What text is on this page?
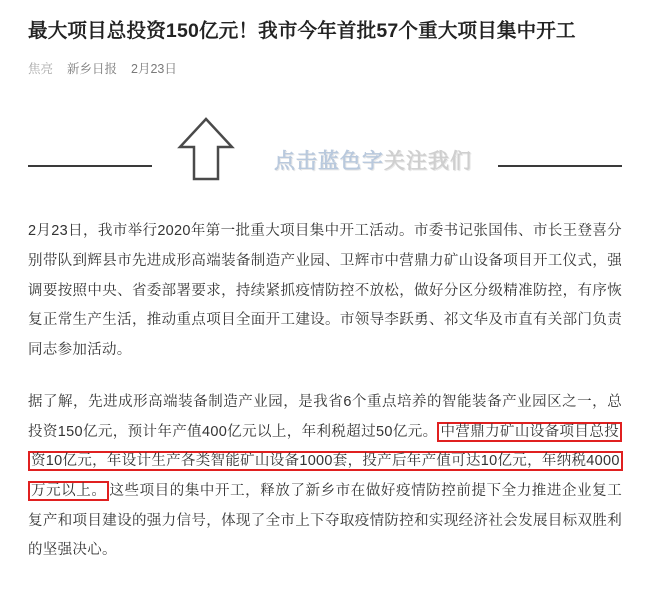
最大项目总投资150亿元！我市今年首批57个重大项目集中开工
焦亮 新乡日报 2月23日
点击蓝色字关注我们

2月23日，我市举行2020年第一批重大项目集中开工活动。市委书记张国伟、市长王登喜分别带队到辉县市先进成形高端装备制造产业园、卫辉市中营鼎力矿山设备项目开工仪式，强调要按照中央、省委部署要求，持续紧抓疫情防控不放松，做好分区分级精准防控，有序恢复正常生产生活，推动重点项目全面开工建设。市领导李跃勇、祁文华及市直有关部门负责同志参加活动。

据了解，先进成形高端装备制造产业园，是我省6个重点培养的智能装备产业园区之一，总投资150亿元，预计年产值400亿元以上，年利税超过50亿元。 中营鼎力矿山设备项目总投资10亿元，年设计生产各类智能矿山设备1000套，投产后年产值可达10亿元，年纳税4000万元以上。 这些项目的集中开工，释放了新乡市在做好疫情防控前提下全力推进企业复工复产和项目建设的强力信号，体现了全市上下夺取疫情防控和实现经济社会发展目标双胜利的坚强决心。
